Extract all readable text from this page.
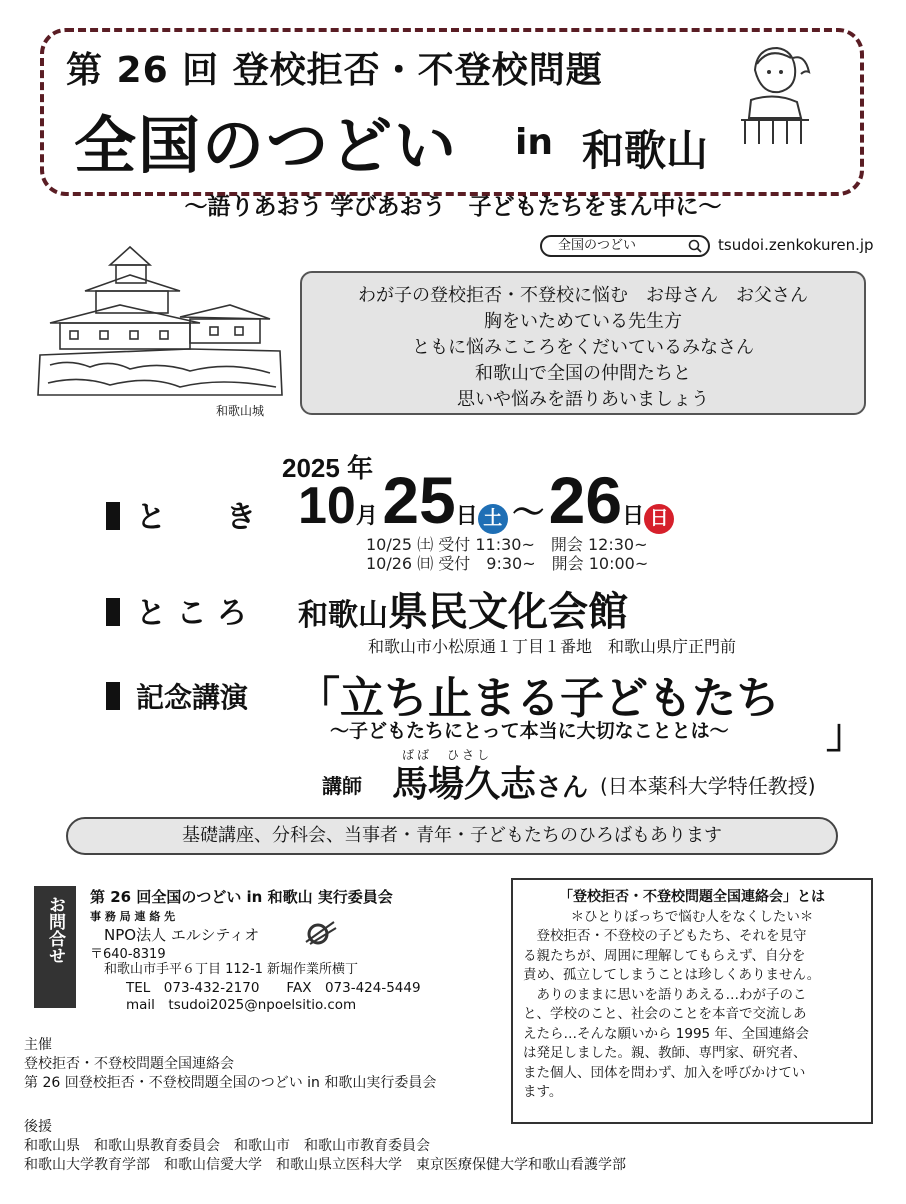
第 26 回 登校拒否・不登校問題
全国のつどい in 和歌山
～語りあおう 学びあおう　子どもたちをまん中に～
全国のつどい	tsudoi.zenkokuren.jp
和歌山城
わが子の登校拒否・不登校に悩む　お母さん　お父さん
胸をいためている先生方
ともに悩みこころをくだいているみなさん
和歌山で全国の仲間たちと
思いや悩みを語りあいましょう
2025 年
と　　き 10月 25日 土 ～ 26日 日
10/25 ㈯ 受付 11:30~　開会 12:30~
10/26 ㈰ 受付　9:30~　開会 10:00~
と こ ろ 和歌山県民文化会館
和歌山市小松原通１丁目１番地　和歌山県庁正門前
記念講演 「立ち止まる子どもたち
～子どもたちにとって本当に大切なこととは～ 」
ばば　ひさし
講師 馬場久志さん (日本薬科大学特任教授)
基礎講座、分科会、当事者・青年・子どもたちのひろばもあります
お問合せ	第 26 回全国のつどい in 和歌山 実行委員会
事 務 局 連 絡 先
NPO法人 エルシティオ
〒640-8319
和歌山市手平６丁目 112-1 新堀作業所横丁
TEL　073-432-2170　　FAX　073-424-5449
mail　tsudoi2025@npoelsitio.com
「登校拒否・不登校問題全国連絡会」とは
＊ひとりぼっちで悩む人をなくしたい＊
　登校拒否・不登校の子どもたち、それを見守
る親たちが、周囲に理解してもらえず、自分を
責め、孤立してしまうことは珍しくありません。
　ありのままに思いを語りあえる…わが子のこ
と、学校のこと、社会のことを本音で交流しあ
えたら…そんな願いから 1995 年、全国連絡会
は発足しました。親、教師、専門家、研究者、
また個人、団体を問わず、加入を呼びかけてい
ます。
主催
登校拒否・不登校問題全国連絡会
第 26 回登校拒否・不登校問題全国のつどい in 和歌山実行委員会
後援
和歌山県　和歌山県教育委員会　和歌山市　和歌山市教育委員会
和歌山大学教育学部　和歌山信愛大学　和歌山県立医科大学　東京医療保健大学和歌山看護学部
